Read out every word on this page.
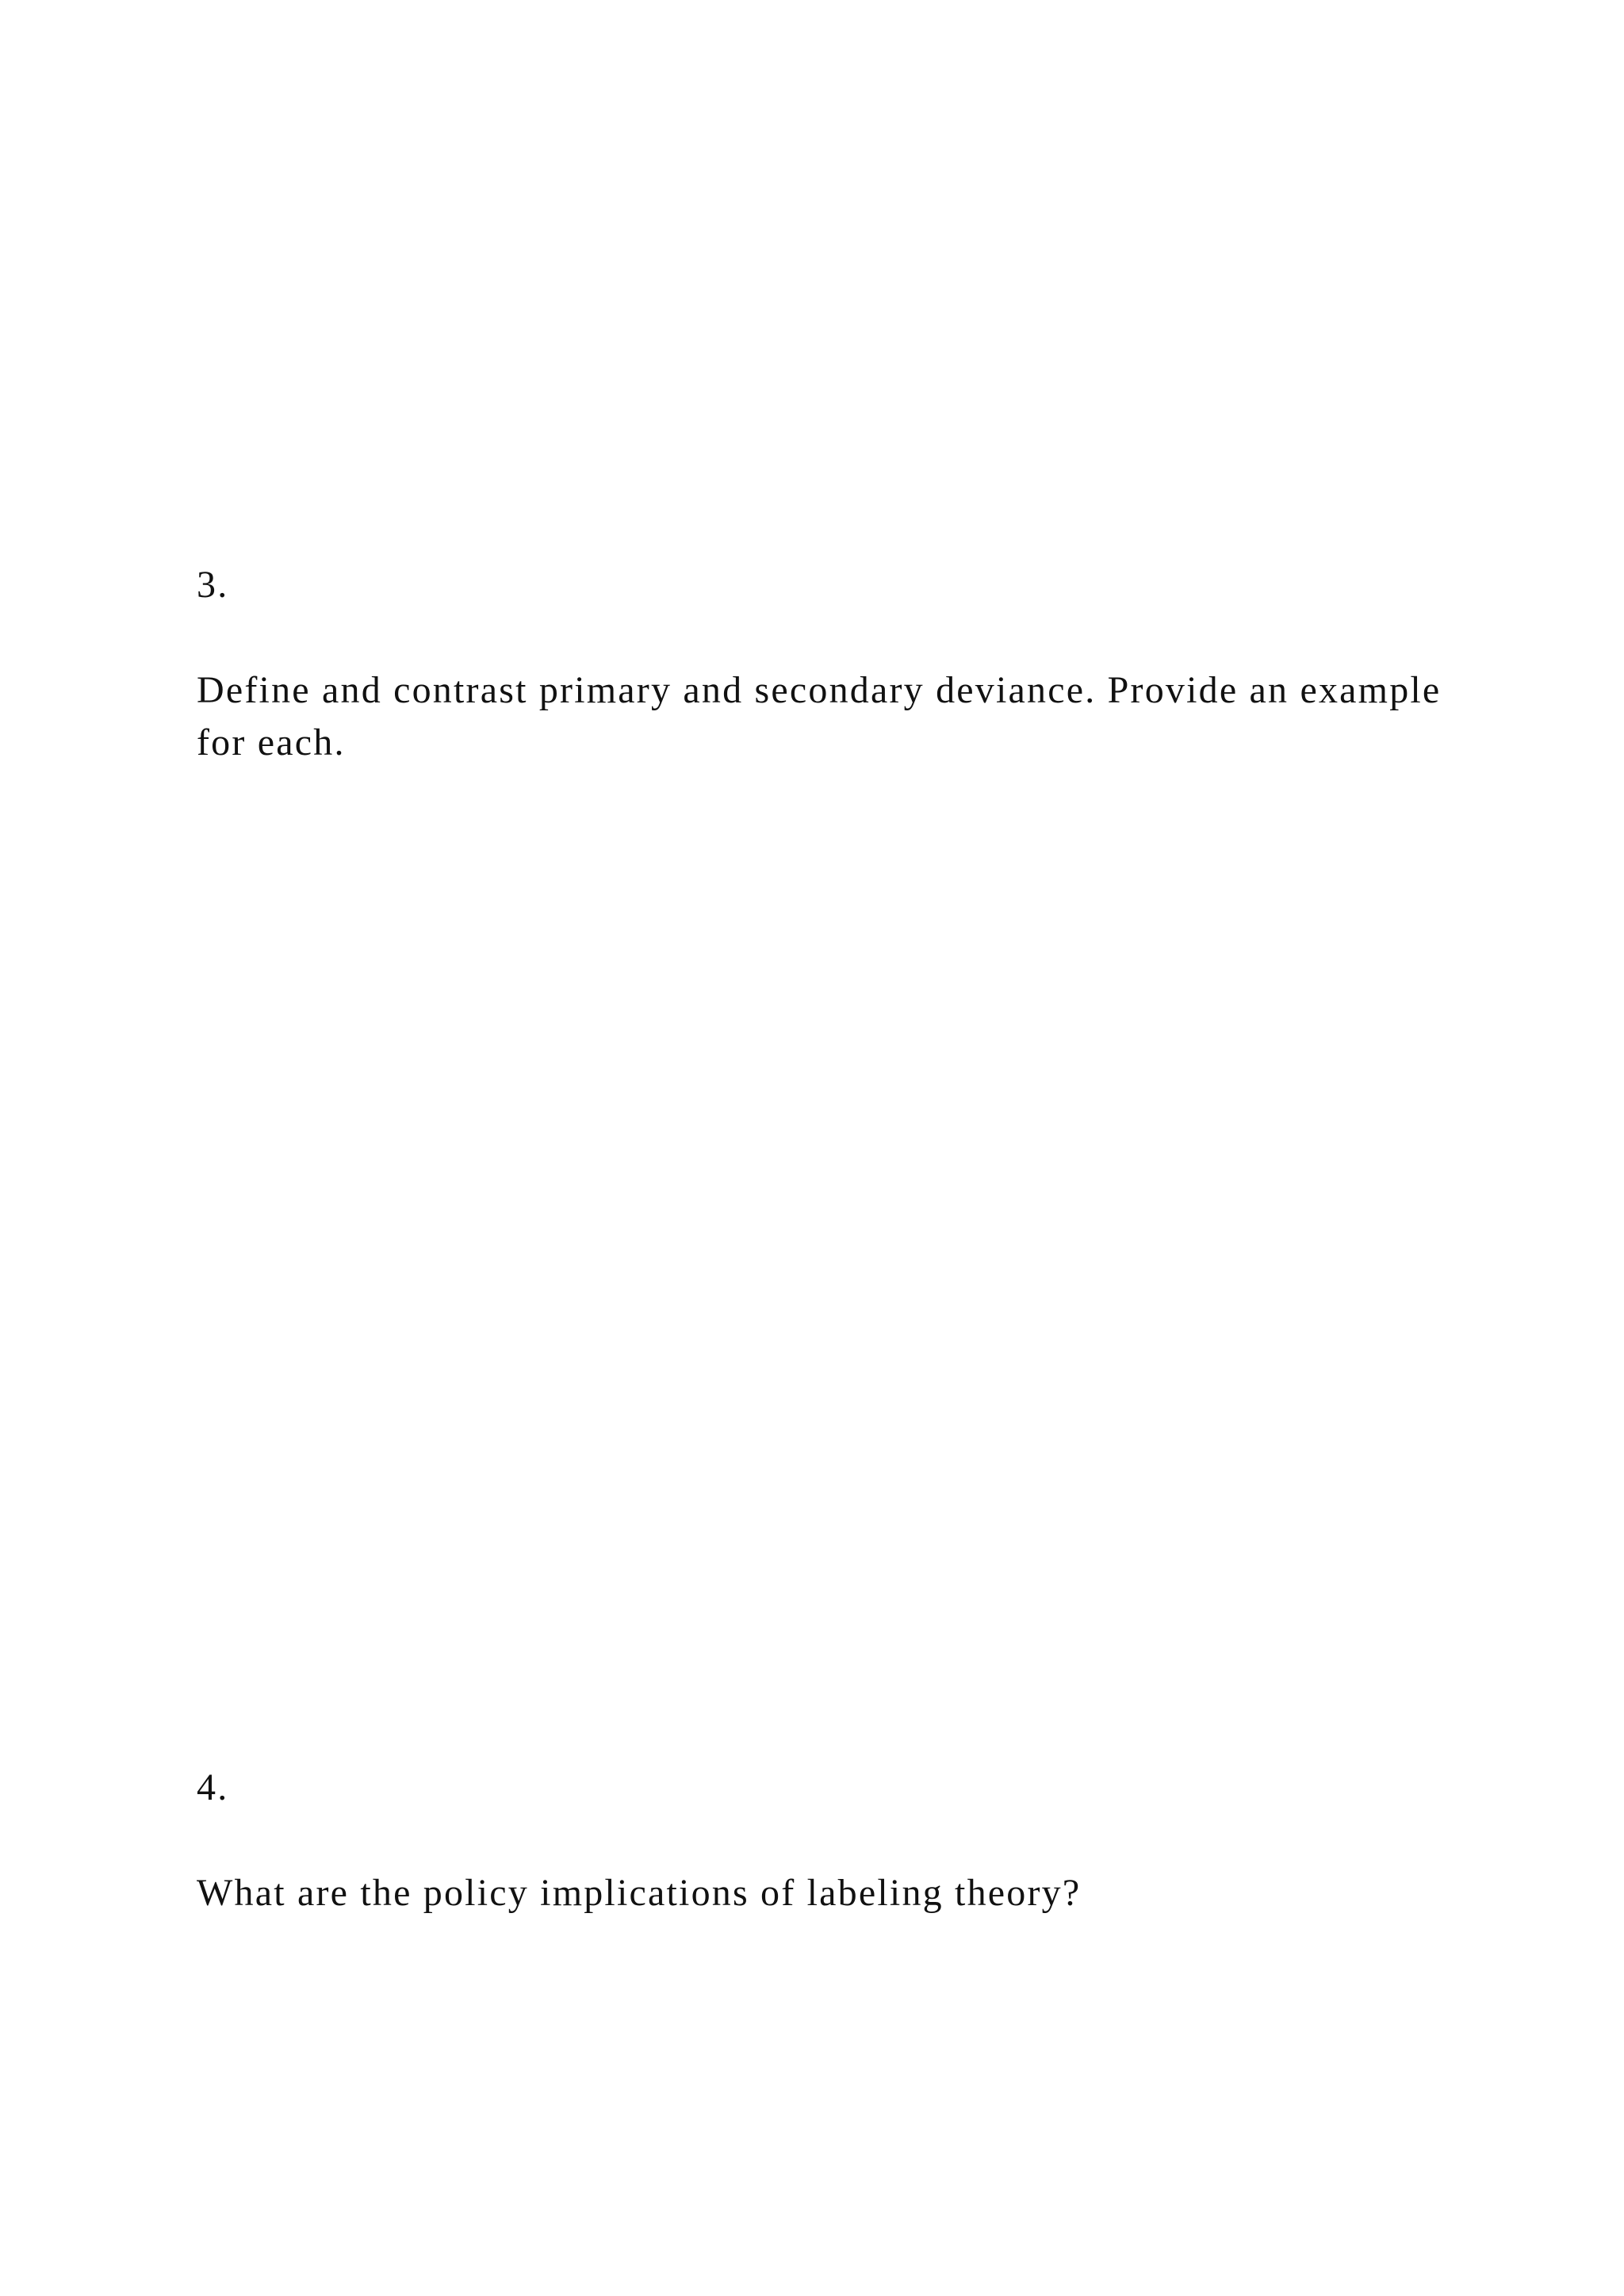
3.

Define and contrast primary and secondary deviance. Provide an example for each.

4.

What are the policy implications of labeling theory?
